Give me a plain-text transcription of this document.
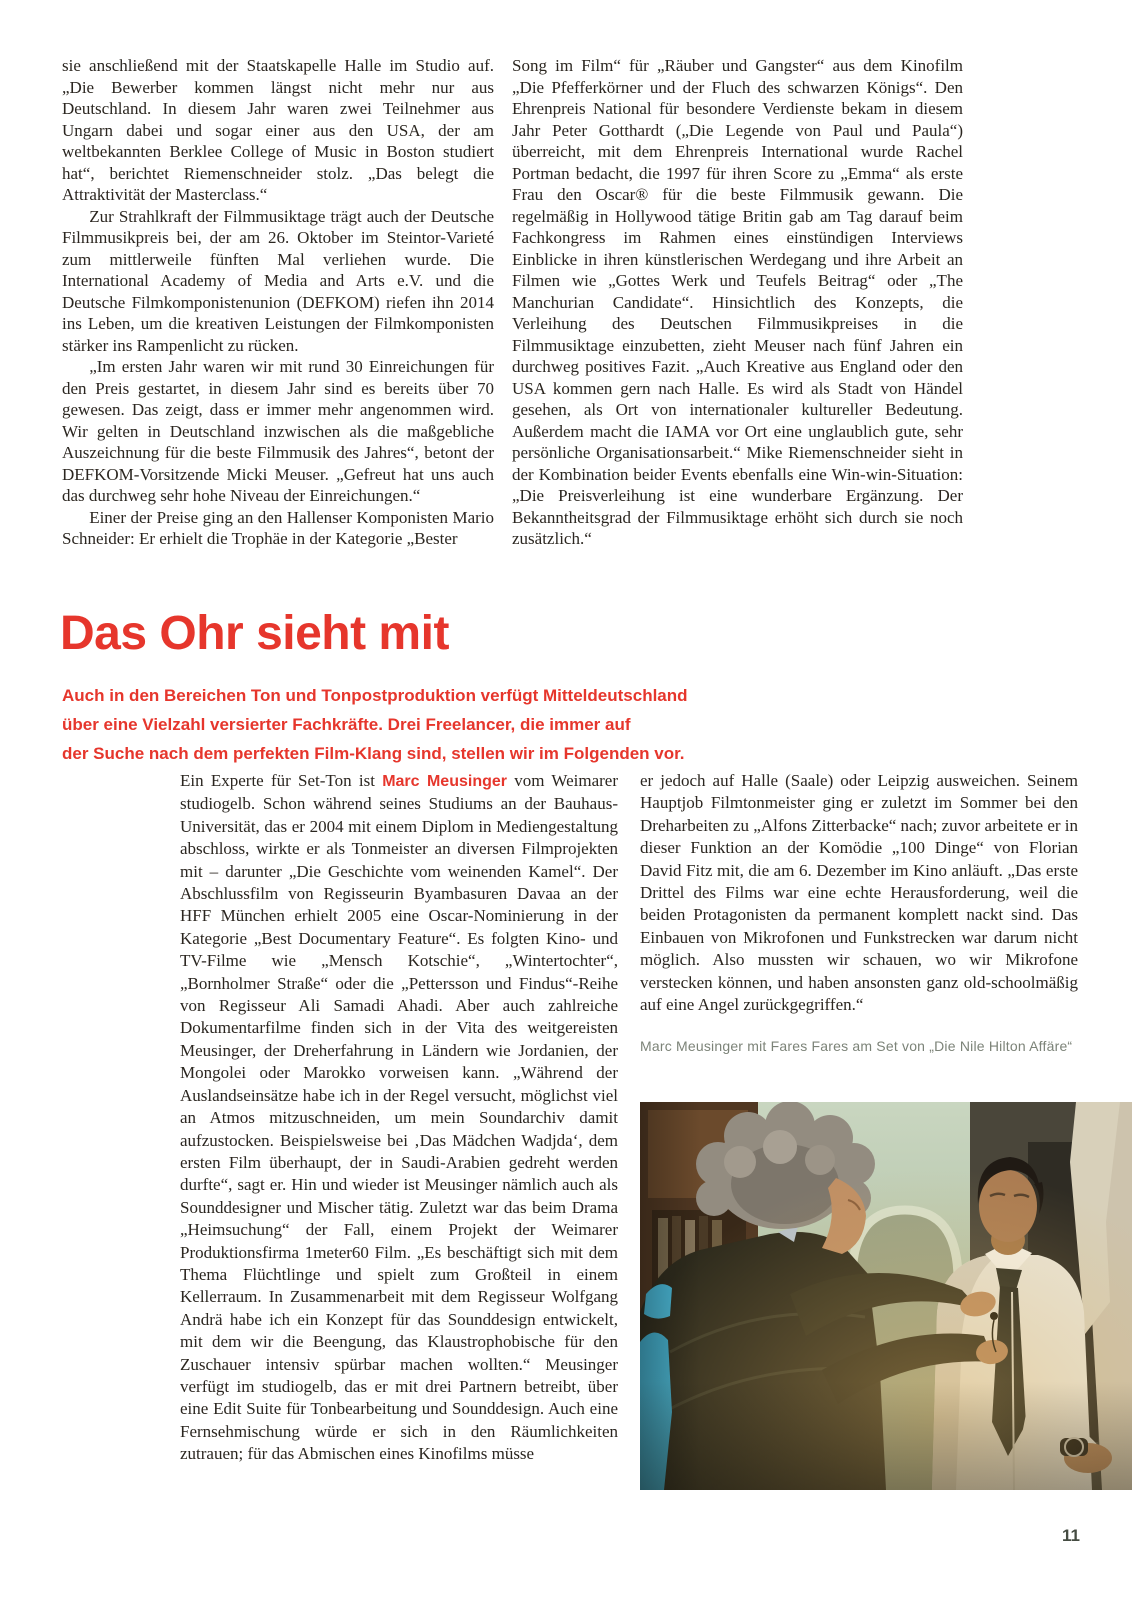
sie anschließend mit der Staatskapelle Halle im Studio auf. „Die Bewerber kommen längst nicht mehr nur aus Deutschland. In diesem Jahr waren zwei Teilnehmer aus Ungarn dabei und sogar einer aus den USA, der am weltbekannten Berklee College of Music in Boston studiert hat“, berichtet Riemenschneider stolz. „Das belegt die Attraktivität der Masterclass.“

Zur Strahlkraft der Filmmusiktage trägt auch der Deutsche Filmmusikpreis bei, der am 26. Oktober im Steintor-Varieté zum mittlerweile fünften Mal verliehen wurde. Die International Academy of Media and Arts e.V. und die Deutsche Filmkomponistenunion (DEFKOM) riefen ihn 2014 ins Leben, um die kreativen Leistungen der Filmkomponisten stärker ins Rampenlicht zu rücken.

„Im ersten Jahr waren wir mit rund 30 Einreichungen für den Preis gestartet, in diesem Jahr sind es bereits über 70 gewesen. Das zeigt, dass er immer mehr angenommen wird. Wir gelten in Deutschland inzwischen als die maßgebliche Auszeichnung für die beste Filmmusik des Jahres“, betont der DEFKOM-Vorsitzende Micki Meuser. „Gefreut hat uns auch das durchweg sehr hohe Niveau der Einreichungen.“

Einer der Preise ging an den Hallenser Komponisten Mario Schneider: Er erhielt die Trophäe in der Kategorie „Bester

Song im Film“ für „Räuber und Gangster“ aus dem Kinofilm „Die Pfefferkörner und der Fluch des schwarzen Königs“. Den Ehrenpreis National für besondere Verdienste bekam in diesem Jahr Peter Gotthardt („Die Legende von Paul und Paula“) überreicht, mit dem Ehrenpreis International wurde Rachel Portman bedacht, die 1997 für ihren Score zu „Emma“ als erste Frau den Oscar® für die beste Filmmusik gewann. Die regelmäßig in Hollywood tätige Britin gab am Tag darauf beim Fachkongress im Rahmen eines einstündigen Interviews Einblicke in ihren künstlerischen Werdegang und ihre Arbeit an Filmen wie „Gottes Werk und Teufels Beitrag“ oder „The Manchurian Candidate“. Hinsichtlich des Konzepts, die Verleihung des Deutschen Filmmusikpreises in die Filmmusiktage einzubetten, zieht Meuser nach fünf Jahren ein durchweg positives Fazit. „Auch Kreative aus England oder den USA kommen gern nach Halle. Es wird als Stadt von Händel gesehen, als Ort von internationaler kultureller Bedeutung. Außerdem macht die IAMA vor Ort eine unglaublich gute, sehr persönliche Organisationsarbeit.“ Mike Riemenschneider sieht in der Kombination beider Events ebenfalls eine Win-win-Situation: „Die Preisverleihung ist eine wunderbare Ergänzung. Der Bekanntheitsgrad der Filmmusiktage erhöht sich durch sie noch zusätzlich.“

Das Ohr sieht mit
Auch in den Bereichen Ton und Tonpostproduktion verfügt Mitteldeutschland
über eine Vielzahl versierter Fachkräfte. Drei Freelancer, die immer auf
der Suche nach dem perfekten Film-Klang sind, stellen wir im Folgenden vor.

Ein Experte für Set-Ton ist Marc Meusinger vom Weimarer studiogelb. Schon während seines Studiums an der Bauhaus-Universität, das er 2004 mit einem Diplom in Mediengestaltung abschloss, wirkte er als Tonmeister an diversen Filmprojekten mit – darunter „Die Geschichte vom weinenden Kamel“. Der Abschlussfilm von Regisseurin Byambasuren Davaa an der HFF München erhielt 2005 eine Oscar-Nominierung in der Kategorie „Best Documentary Feature“. Es folgten Kino- und TV-Filme wie „Mensch Kotschie“, „Wintertochter“, „Bornholmer Straße“ oder die „Pettersson und Findus“-Reihe von Regisseur Ali Samadi Ahadi. Aber auch zahlreiche Dokumentarfilme finden sich in der Vita des weitgereisten Meusinger, der Dreherfahrung in Ländern wie Jordanien, der Mongolei oder Marokko vorweisen kann. „Während der Auslandseinsätze habe ich in der Regel versucht, möglichst viel an Atmos mitzuschneiden, um mein Soundarchiv damit aufzustocken. Beispielsweise bei ‚Das Mädchen Wadjda‘, dem ersten Film überhaupt, der in Saudi-Arabien gedreht werden durfte“, sagt er. Hin und wieder ist Meusinger nämlich auch als Sounddesigner und Mischer tätig. Zuletzt war das beim Drama „Heimsuchung“ der Fall, einem Projekt der Weimarer Produktionsfirma 1meter60 Film. „Es beschäftigt sich mit dem Thema Flüchtlinge und spielt zum Großteil in einem Kellerraum. In Zusammenarbeit mit dem Regisseur Wolfgang Andrä habe ich ein Konzept für das Sounddesign entwickelt, mit dem wir die Beengung, das Klaustrophobische für den Zuschauer intensiv spürbar machen wollten.“ Meusinger verfügt im studiogelb, das er mit drei Partnern betreibt, über eine Edit Suite für Tonbearbeitung und Sounddesign. Auch eine Fernsehmischung würde er sich in den Räumlichkeiten zutrauen; für das Abmischen eines Kinofilms müsse

er jedoch auf Halle (Saale) oder Leipzig ausweichen. Seinem Hauptjob Filmtonmeister ging er zuletzt im Sommer bei den Dreharbeiten zu „Alfons Zitterbacke“ nach; zuvor arbeitete er in dieser Funktion an der Komödie „100 Dinge“ von Florian David Fitz mit, die am 6. Dezember im Kino anläuft. „Das erste Drittel des Films war eine echte Herausforderung, weil die beiden Protagonisten da permanent komplett nackt sind. Das Einbauen von Mikrofonen und Funkstrecken war darum nicht möglich. Also mussten wir schauen, wo wir Mikrofone verstecken können, und haben ansonsten ganz old-schoolmäßig auf eine Angel zurückgegriffen.“

Marc Meusinger mit Fares Fares am Set von „Die Nile Hilton Affäre“
11
